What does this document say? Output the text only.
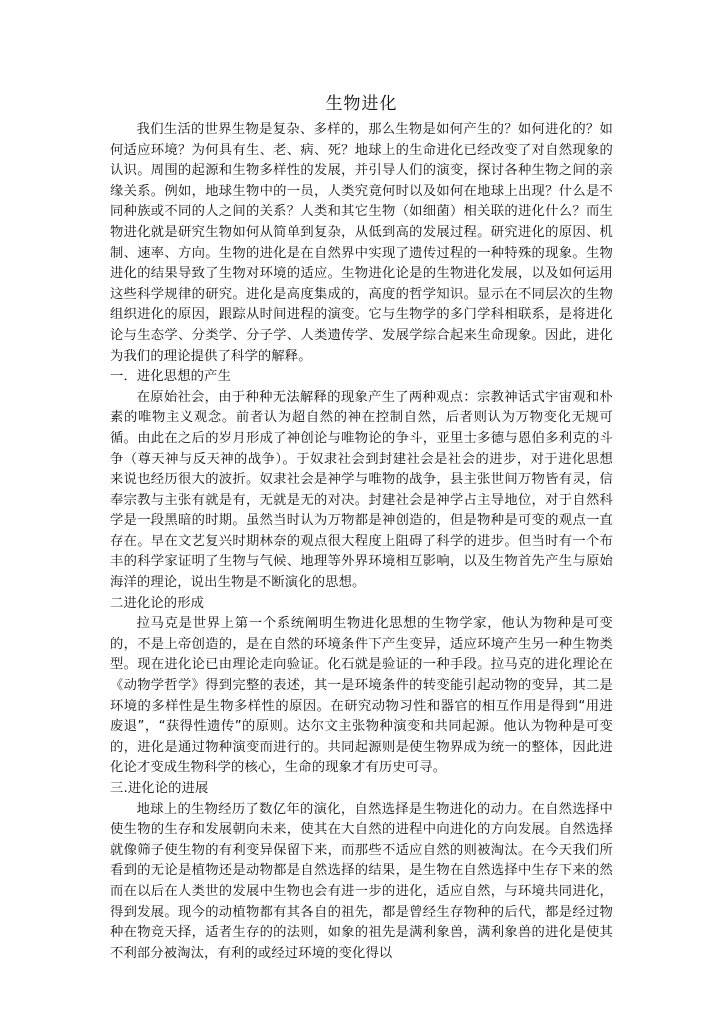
生物进化

我们生活的世界生物是复杂、多样的，那么生物是如何产生的？如何进化的？如何适应环境？为何具有生、老、病、死？地球上的生命进化已经改变了对自然现象的认识。周围的起源和生物多样性的发展，并引导人们的演变，探讨各种生物之间的亲缘关系。例如，地球生物中的一员，人类究竟何时以及如何在地球上出现？什么是不同种族或不同的人之间的关系？人类和其它生物（如细菌）相关联的进化什么？而生物进化就是研究生物如何从简单到复杂，从低到高的发展过程。研究进化的原因、机制、速率、方向。生物的进化是在自然界中实现了遗传过程的一种特殊的现象。生物进化的结果导致了生物对环境的适应。生物进化论是的生物进化发展，以及如何运用这些科学规律的研究。进化是高度集成的，高度的哲学知识。显示在不同层次的生物组织进化的原因，跟踪从时间进程的演变。它与生物学的多门学科相联系，是将进化论与生态学、分类学、分子学、人类遗传学、发展学综合起来生命现象。因此，进化为我们的理论提供了科学的解释。

一．进化思想的产生

在原始社会，由于种种无法解释的现象产生了两种观点：宗教神话式宇宙观和朴素的唯物主义观念。前者认为超自然的神在控制自然，后者则认为万物变化无规可循。由此在之后的岁月形成了神创论与唯物论的争斗，亚里士多德与恩伯多利克的斗争（尊天神与反天神的战争）。于奴隶社会到封建社会是社会的进步，对于进化思想来说也经历很大的波折。奴隶社会是神学与唯物的战争，县主张世间万物皆有灵，信奉宗教与主张有就是有，无就是无的对决。封建社会是神学占主导地位，对于自然科学是一段黑暗的时期。虽然当时认为万物都是神创造的，但是物种是可变的观点一直存在。早在文艺复兴时期林奈的观点很大程度上阻碍了科学的进步。但当时有一个布丰的科学家证明了生物与气候、地理等外界环境相互影响，以及生物首先产生与原始海洋的理论，说出生物是不断演化的思想。

二进化论的形成

拉马克是世界上第一个系统阐明生物进化思想的生物学家，他认为物种是可变的，不是上帝创造的，是在自然的环境条件下产生变异，适应环境产生另一种生物类型。现在进化论已由理论走向验证。化石就是验证的一种手段。拉马克的进化理论在《动物学哲学》得到完整的表述，其一是环境条件的转变能引起动物的变异，其二是环境的多样性是生物多样性的原因。在研究动物习性和器官的相互作用是得到“用进废退”，“获得性遗传”的原则。达尔文主张物种演变和共同起源。他认为物种是可变的，进化是通过物种演变而进行的。共同起源则是使生物界成为统一的整体，因此进化论才变成生物科学的核心，生命的现象才有历史可寻。

三.进化论的进展

地球上的生物经历了数亿年的演化，自然选择是生物进化的动力。在自然选择中使生物的生存和发展朝向未来，使其在大自然的进程中向进化的方向发展。自然选择就像筛子使生物的有利变异保留下来，而那些不适应自然的则被淘汰。在今天我们所看到的无论是植物还是动物都是自然选择的结果，是生物在自然选择中生存下来的然而在以后在人类世的发展中生物也会有进一步的进化，适应自然，与环境共同进化，得到发展。现今的动植物都有其各自的祖先，都是曾经生存物种的后代，都是经过物种在物竞天择，适者生存的的法则，如象的祖先是满利象兽，满利象兽的进化是使其不利部分被淘汰，有利的或经过环境的变化得以
